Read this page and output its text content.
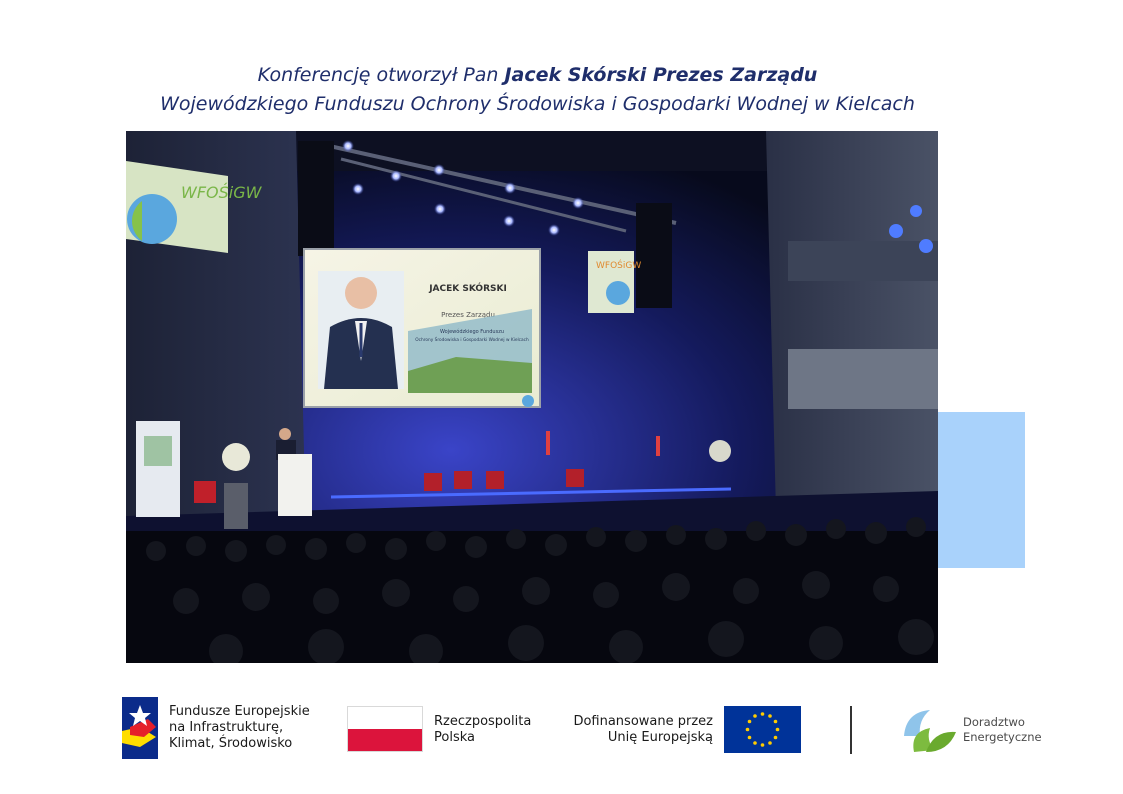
Konferencję otworzył Pan Jacek Skórski Prezes Zarządu
Wojewódzkiego Funduszu Ochrony Środowiska i Gospodarki Wodnej w Kielcach
WFOŚiGW
WFOŚiGW
JACEK SKÓRSKI
Prezes Zarządu
Wojewódzkiego Funduszu
Ochrony Środowiska i Gospodarki Wodnej w Kielcach
Fundusze Europejskie
na Infrastrukturę,
Klimat, Środowisko
Rzeczpospolita
Polska
Dofinansowane przez
Unię Europejską
Doradztwo
Energetyczne
